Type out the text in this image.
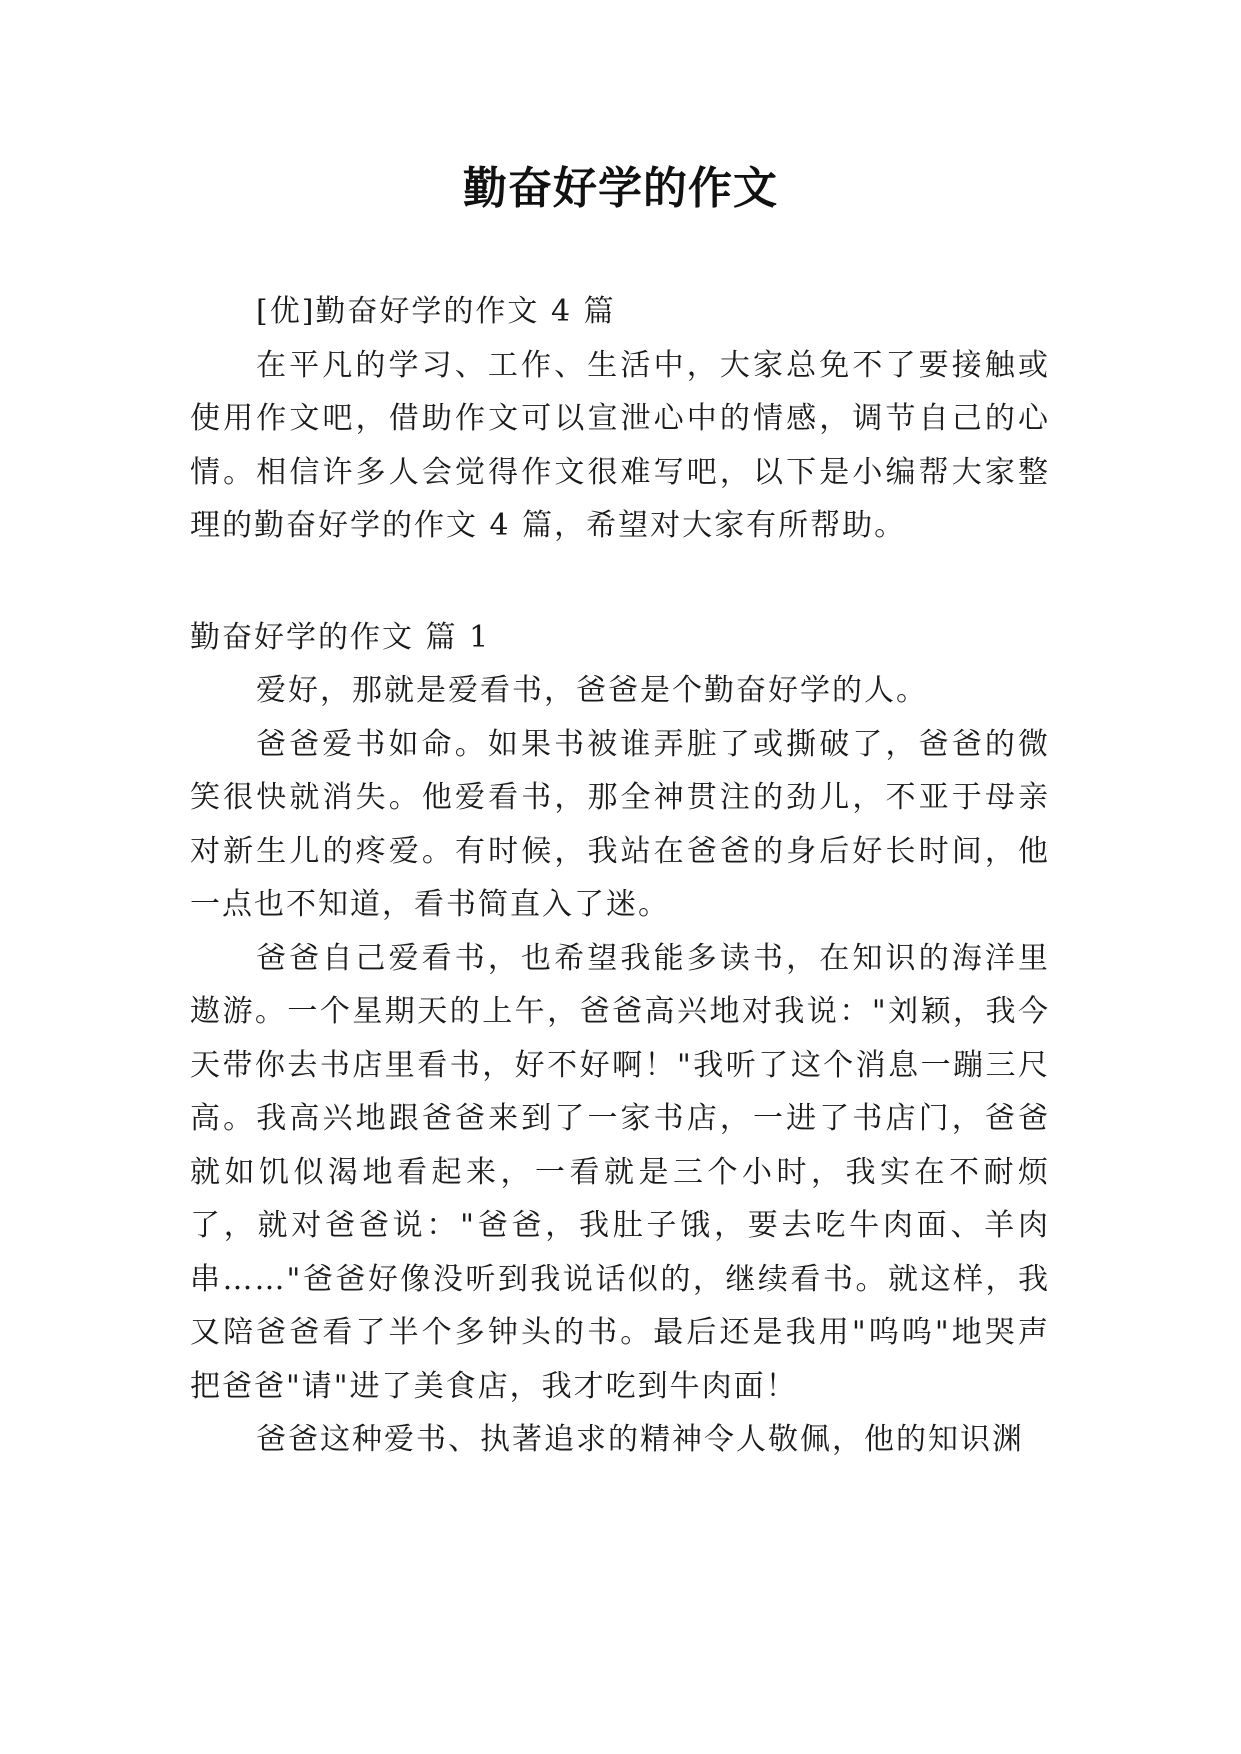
勤奋好学的作文

[优]勤奋好学的作文 4 篇

在平凡的学习、工作、生活中，大家总免不了要接触或使用作文吧，借助作文可以宣泄心中的情感，调节自己的心情。相信许多人会觉得作文很难写吧，以下是小编帮大家整理的勤奋好学的作文 4 篇，希望对大家有所帮助。

勤奋好学的作文 篇 1

爱好，那就是爱看书，爸爸是个勤奋好学的人。

爸爸爱书如命。如果书被谁弄脏了或撕破了，爸爸的微笑很快就消失。他爱看书，那全神贯注的劲儿，不亚于母亲对新生儿的疼爱。有时候，我站在爸爸的身后好长时间，他一点也不知道，看书简直入了迷。

爸爸自己爱看书，也希望我能多读书，在知识的海洋里遨游。一个星期天的上午，爸爸高兴地对我说："刘颖，我今天带你去书店里看书，好不好啊！"我听了这个消息一蹦三尺高。我高兴地跟爸爸来到了一家书店，一进了书店门，爸爸就如饥似渴地看起来，一看就是三个小时，我实在不耐烦了，就对爸爸说："爸爸，我肚子饿，要去吃牛肉面、羊肉串……"爸爸好像没听到我说话似的，继续看书。就这样，我又陪爸爸看了半个多钟头的书。最后还是我用"呜呜"地哭声把爸爸"请"进了美食店，我才吃到牛肉面！

爸爸这种爱书、执著追求的精神令人敬佩，他的知识渊
